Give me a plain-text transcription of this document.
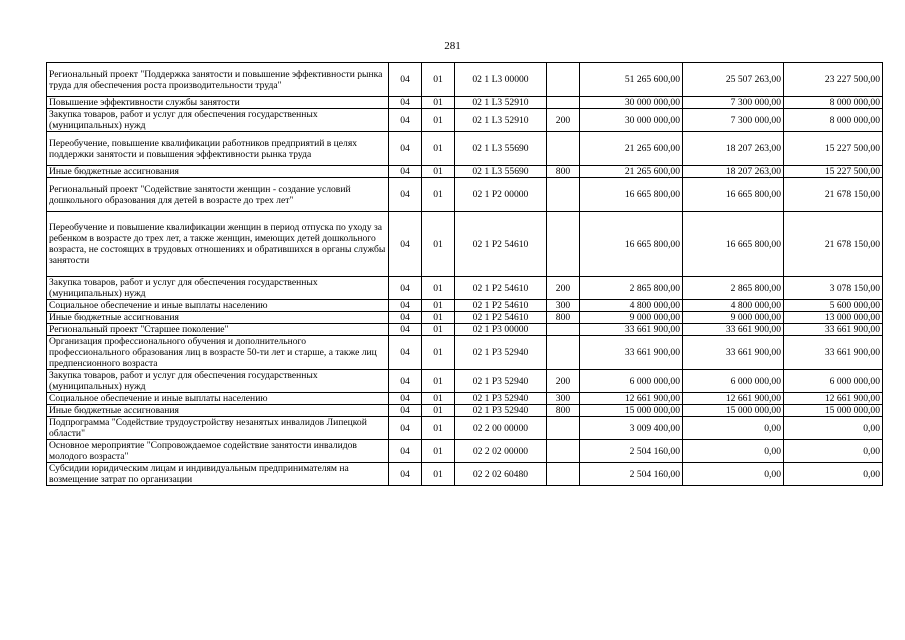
281
Региональный проект "Поддержка занятости и повышение эффективности рынка труда для обеспечения роста производительности труда"	04	01	02 1 L3 00000		51 265 600,00	25 507 263,00	23 227 500,00
Повышение эффективности службы занятости	04	01	02 1 L3 52910		30 000 000,00	7 300 000,00	8 000 000,00
Закупка товаров, работ и услуг для обеспечения государственных (муниципальных) нужд	04	01	02 1 L3 52910	200	30 000 000,00	7 300 000,00	8 000 000,00
Переобучение, повышение квалификации работников предприятий в целях поддержки занятости и повышения эффективности рынка труда	04	01	02 1 L3 55690		21 265 600,00	18 207 263,00	15 227 500,00
Иные бюджетные ассигнования	04	01	02 1 L3 55690	800	21 265 600,00	18 207 263,00	15 227 500,00
Региональный проект "Содействие занятости женщин - создание условий дошкольного образования для детей в возрасте до трех лет"	04	01	02 1 P2 00000		16 665 800,00	16 665 800,00	21 678 150,00
Переобучение и повышение квалификации женщин в период отпуска по уходу за ребенком в возрасте до трех лет, а также женщин, имеющих детей дошкольного возраста, не состоящих в трудовых отношениях и обратившихся в органы службы занятости	04	01	02 1 P2 54610		16 665 800,00	16 665 800,00	21 678 150,00
Закупка товаров, работ и услуг для обеспечения государственных (муниципальных) нужд	04	01	02 1 P2 54610	200	2 865 800,00	2 865 800,00	3 078 150,00
Социальное обеспечение и иные выплаты населению	04	01	02 1 P2 54610	300	4 800 000,00	4 800 000,00	5 600 000,00
Иные бюджетные ассигнования	04	01	02 1 P2 54610	800	9 000 000,00	9 000 000,00	13 000 000,00
Региональный проект "Старшее поколение"	04	01	02 1 P3 00000		33 661 900,00	33 661 900,00	33 661 900,00
Организация профессионального обучения и дополнительного профессионального образования лиц в возрасте 50-ти лет и старше, а также лиц предпенсионного возраста	04	01	02 1 P3 52940		33 661 900,00	33 661 900,00	33 661 900,00
Закупка товаров, работ и услуг для обеспечения государственных (муниципальных) нужд	04	01	02 1 P3 52940	200	6 000 000,00	6 000 000,00	6 000 000,00
Социальное обеспечение и иные выплаты населению	04	01	02 1 P3 52940	300	12 661 900,00	12 661 900,00	12 661 900,00
Иные бюджетные ассигнования	04	01	02 1 P3 52940	800	15 000 000,00	15 000 000,00	15 000 000,00
Подпрограмма "Содействие трудоустройству незанятых инвалидов Липецкой области"	04	01	02 2 00 00000		3 009 400,00	0,00	0,00
Основное мероприятие "Сопровождаемое содействие занятости инвалидов молодого возраста"	04	01	02 2 02 00000		2 504 160,00	0,00	0,00
Субсидии юридическим лицам и индивидуальным предпринимателям на возмещение затрат по организации	04	01	02 2 02 60480		2 504 160,00	0,00	0,00
